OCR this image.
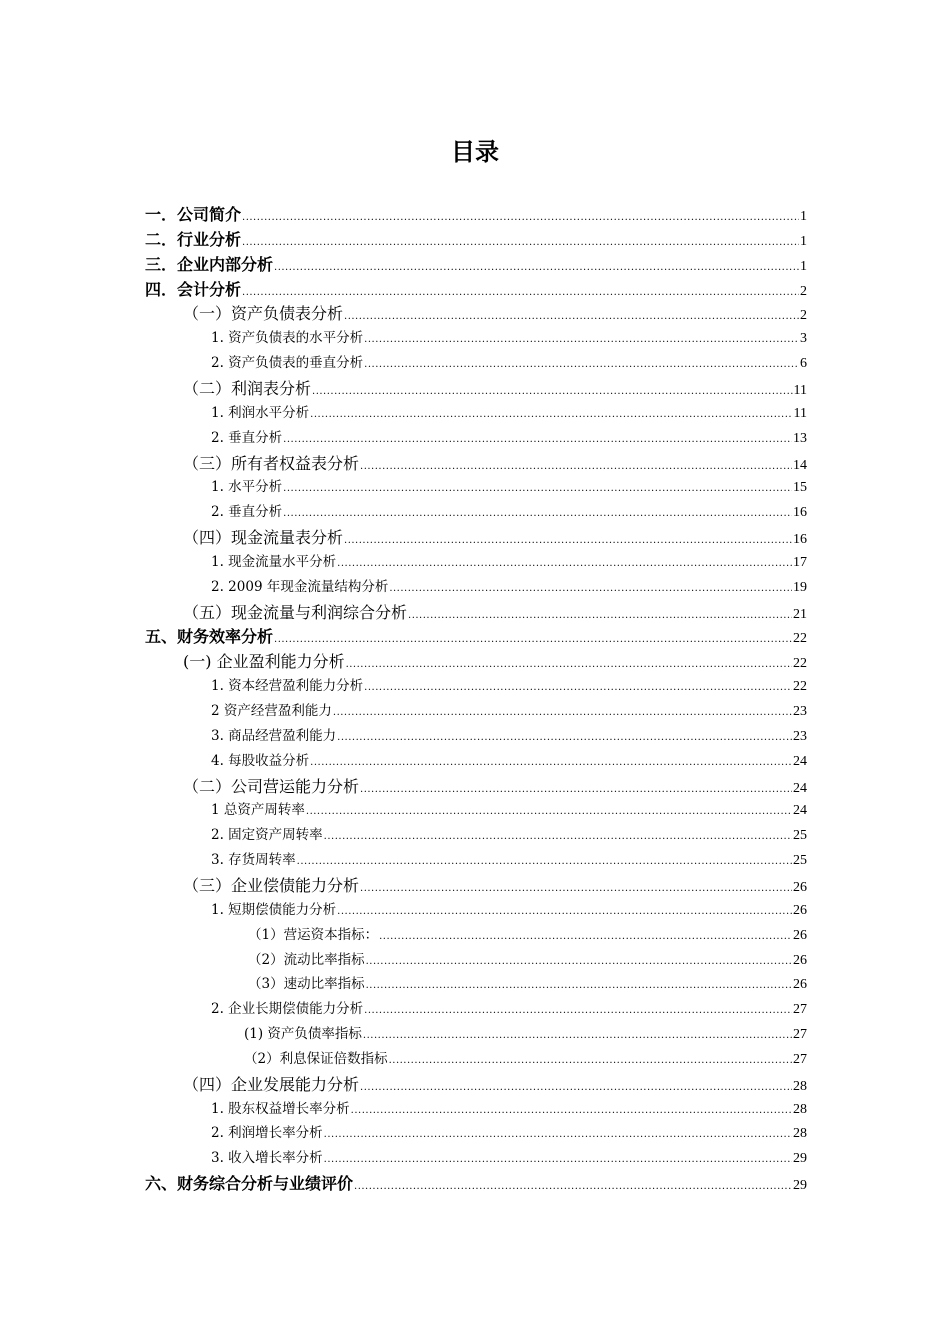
目录
一．公司简介 .....	1
二．行业分析 .....	1
三．企业内部分析 .....	1
四．会计分析 .....	2
（一）资产负债表分析 .....	2
1. 资产负债表的水平分析 .....	3
2. 资产负债表的垂直分析 .....	6
（二）利润表分析 .....	11
1. 利润水平分析 .....	11
2. 垂直分析 .....	13
（三）所有者权益表分析 .....	14
1. 水平分析 .....	15
2. 垂直分析 .....	16
（四）现金流量表分析 .....	16
1. 现金流量水平分析 .....	17
2. 2009 年现金流量结构分析 .....	19
（五）现金流量与利润综合分析 .....	21
五、财务效率分析 .....	22
(一) 企业盈利能力分析 .....	22
1. 资本经营盈利能力分析 .....	22
2 资产经营盈利能力 .....	23
3. 商品经营盈利能力 .....	23
4. 每股收益分析 .....	24
（二）公司营运能力分析 .....	24
1 总资产周转率 .....	24
2. 固定资产周转率 .....	25
3. 存货周转率 .....	25
（三）企业偿债能力分析 .....	26
1. 短期偿债能力分析 .....	26
（1）营运资本指标： .....	26
（2）流动比率指标 .....	26
（3）速动比率指标 .....	26
2. 企业长期偿债能力分析 .....	27
(1) 资产负债率指标 .....	27
（2）利息保证倍数指标 .....	27
（四）企业发展能力分析 .....	28
1. 股东权益增长率分析 .....	28
2. 利润增长率分析 .....	28
3. 收入增长率分析 .....	29
六、财务综合分析与业绩评价 .....	29
